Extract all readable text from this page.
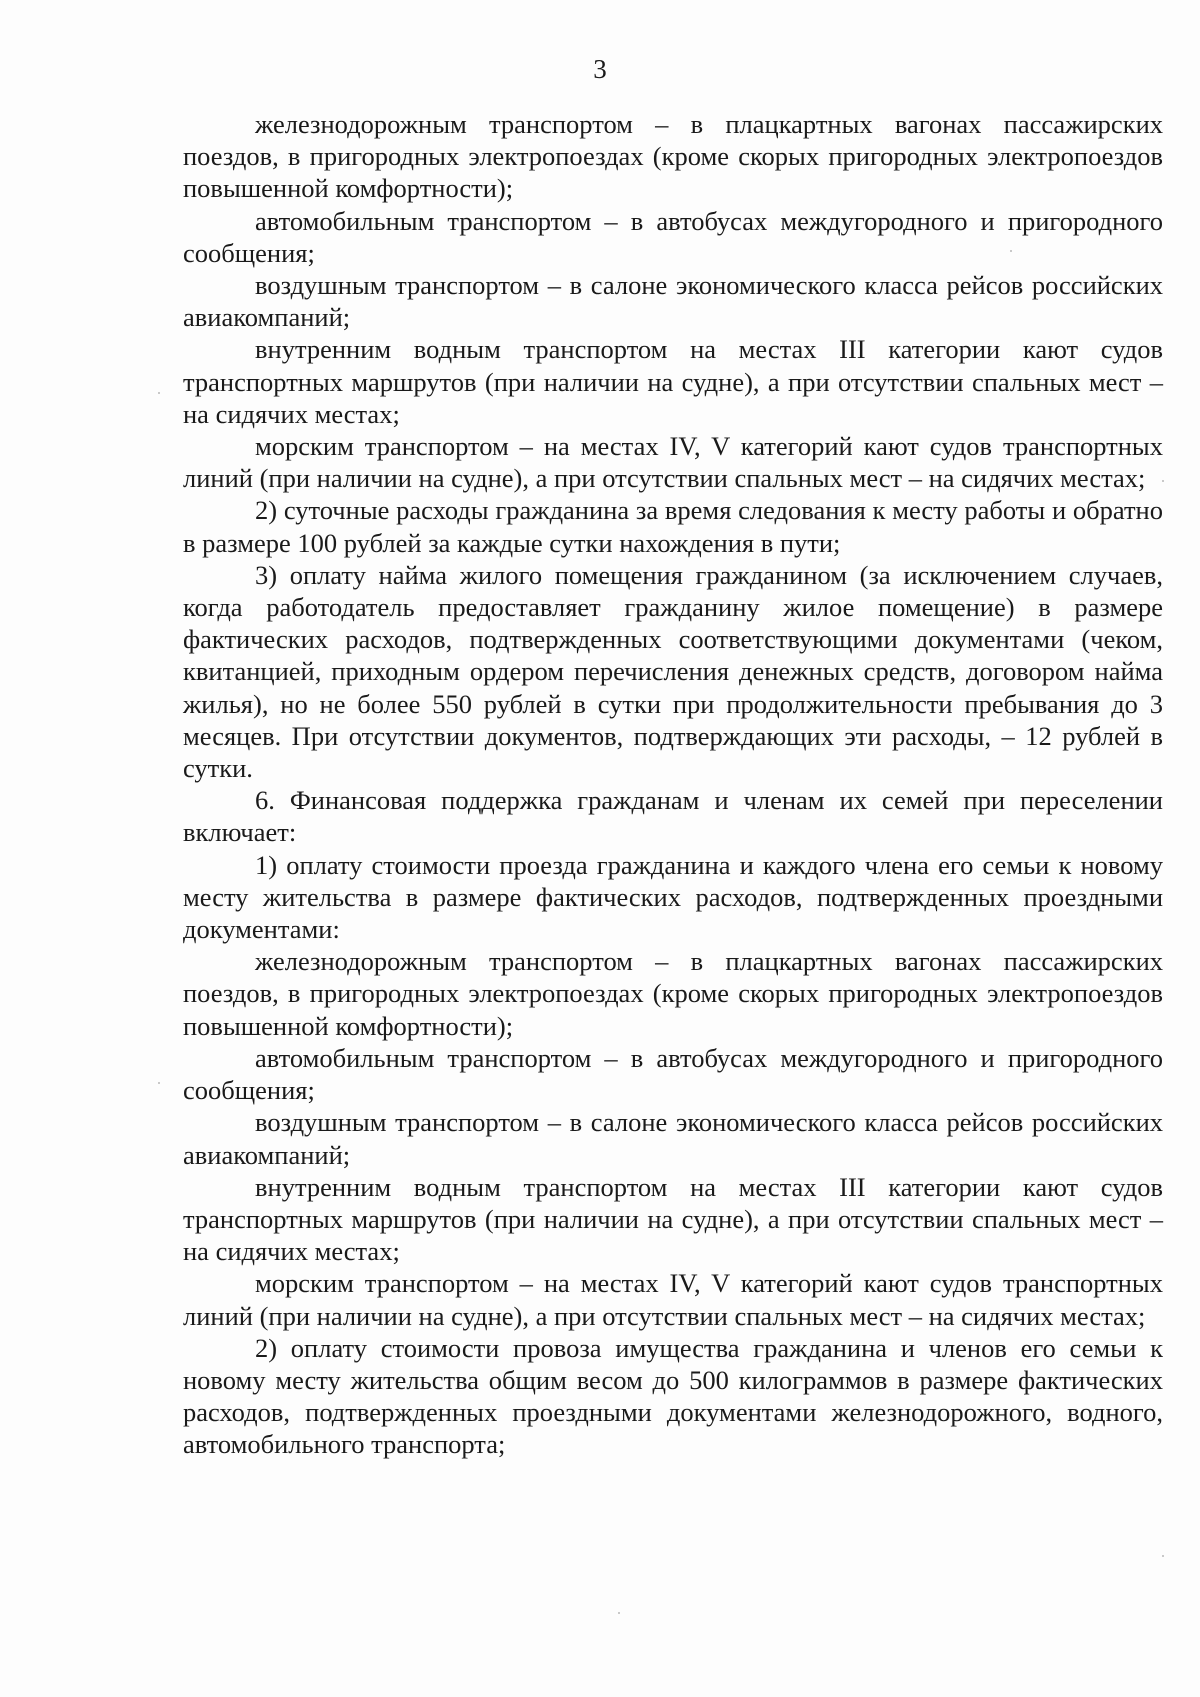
3

железнодорожным транспортом – в плацкартных вагонах пассажирских поездов, в пригородных электропоездах (кроме скорых пригородных электропоездов повышенной комфортности);

автомобильным транспортом – в автобусах междугородного и пригородного сообщения;

воздушным транспортом – в салоне экономического класса рейсов российских авиакомпаний;

внутренним водным транспортом на местах III категории кают судов транспортных маршрутов (при наличии на судне), а при отсутствии спальных мест – на сидячих местах;

морским транспортом – на местах IV, V категорий кают судов транспортных линий (при наличии на судне), а при отсутствии спальных мест – на сидячих местах;

2) суточные расходы гражданина за время следования к месту работы и обратно в размере 100 рублей за каждые сутки нахождения в пути;

3) оплату найма жилого помещения гражданином (за исключением случаев, когда работодатель предоставляет гражданину жилое помещение) в размере фактических расходов, подтвержденных соответствующими документами (чеком, квитанцией, приходным ордером перечисления денежных средств, договором найма жилья), но не более 550 рублей в сутки при продолжительности пребывания до 3 месяцев. При отсутствии документов, подтверждающих эти расходы, – 12 рублей в сутки.

6. Финансовая поддержка гражданам и членам их семей при переселении включает:

1) оплату стоимости проезда гражданина и каждого члена его семьи к новому месту жительства в размере фактических расходов, подтвержденных проездными документами:

железнодорожным транспортом – в плацкартных вагонах пассажирских поездов, в пригородных электропоездах (кроме скорых пригородных электропоездов повышенной комфортности);

автомобильным транспортом – в автобусах междугородного и пригородного сообщения;

воздушным транспортом – в салоне экономического класса рейсов российских авиакомпаний;

внутренним водным транспортом на местах III категории кают судов транспортных маршрутов (при наличии на судне), а при отсутствии спальных мест – на сидячих местах;

морским транспортом – на местах IV, V категорий кают судов транспортных линий (при наличии на судне), а при отсутствии спальных мест – на сидячих местах;

2) оплату стоимости провоза имущества гражданина и членов его семьи к новому месту жительства общим весом до 500 килограммов в размере фактических расходов, подтвержденных проездными документами железнодорожного, водного, автомобильного транспорта;
